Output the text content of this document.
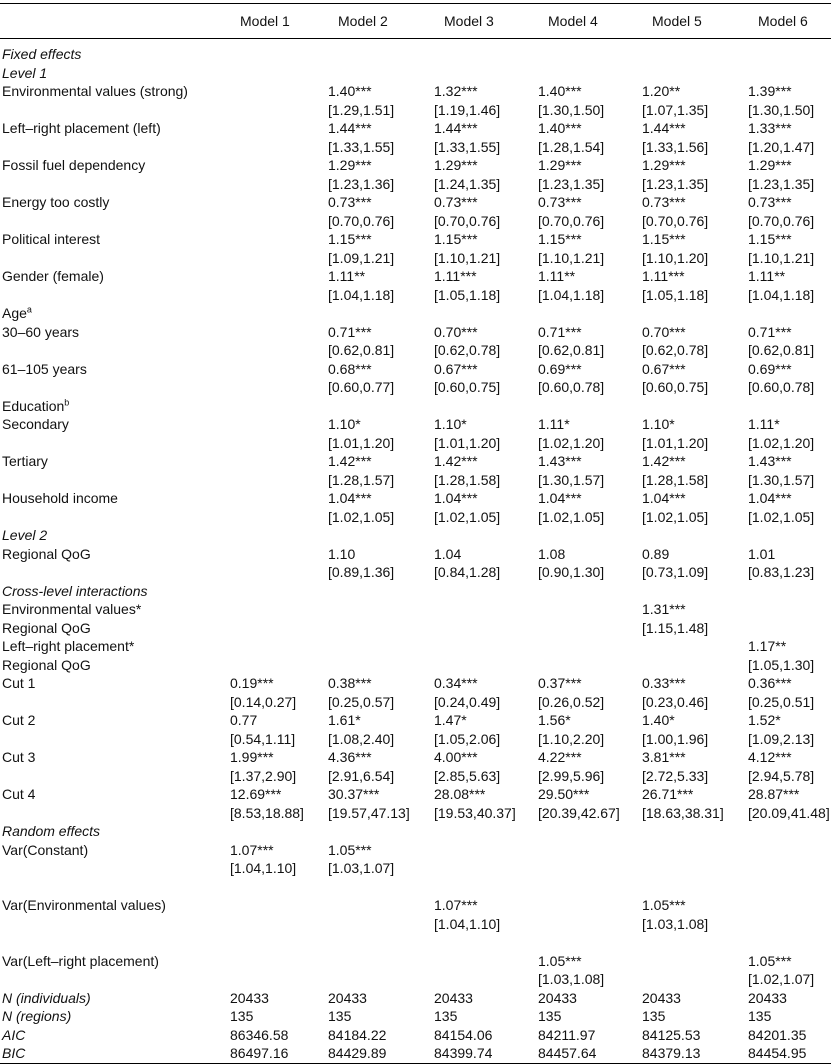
	Model 1	Model 2	Model 3	Model 4	Model 5	Model 6
Fixed effects						
Level 1						
Environmental values (strong)		1.40***	1.32***	1.40***	1.20**	1.39***
		[1.29,1.51]	[1.19,1.46]	[1.30,1.50]	[1.07,1.35]	[1.30,1.50]
Left–right placement (left)		1.44***	1.44***	1.40***	1.44***	1.33***
		[1.33,1.55]	[1.33,1.55]	[1.28,1.54]	[1.33,1.56]	[1.20,1.47]
Fossil fuel dependency		1.29***	1.29***	1.29***	1.29***	1.29***
		[1.23,1.36]	[1.24,1.35]	[1.23,1.35]	[1.23,1.35]	[1.23,1.35]
Energy too costly		0.73***	0.73***	0.73***	0.73***	0.73***
		[0.70,0.76]	[0.70,0.76]	[0.70,0.76]	[0.70,0.76]	[0.70,0.76]
Political interest		1.15***	1.15***	1.15***	1.15***	1.15***
		[1.09,1.21]	[1.10,1.21]	[1.10,1.21]	[1.10,1.20]	[1.10,1.21]
Gender (female)		1.11**	1.11***	1.11**	1.11***	1.11**
		[1.04,1.18]	[1.05,1.18]	[1.04,1.18]	[1.05,1.18]	[1.04,1.18]
Age$^a$						
30–60 years		0.71***	0.70***	0.71***	0.70***	0.71***
		[0.62,0.81]	[0.62,0.78]	[0.62,0.81]	[0.62,0.78]	[0.62,0.81]
61–105 years		0.68***	0.67***	0.69***	0.67***	0.69***
		[0.60,0.77]	[0.60,0.75]	[0.60,0.78]	[0.60,0.75]	[0.60,0.78]
Education$^b$						
Secondary		1.10*	1.10*	1.11*	1.10*	1.11*
		[1.01,1.20]	[1.01,1.20]	[1.02,1.20]	[1.01,1.20]	[1.02,1.20]
Tertiary		1.42***	1.42***	1.43***	1.42***	1.43***
		[1.28,1.57]	[1.28,1.58]	[1.30,1.57]	[1.28,1.58]	[1.30,1.57]
Household income		1.04***	1.04***	1.04***	1.04***	1.04***
		[1.02,1.05]	[1.02,1.05]	[1.02,1.05]	[1.02,1.05]	[1.02,1.05]
Level 2						
Regional QoG		1.10	1.04	1.08	0.89	1.01
		[0.89,1.36]	[0.84,1.28]	[0.90,1.30]	[0.73,1.09]	[0.83,1.23]
Cross-level interactions						
Environmental values*					1.31***	
Regional QoG					[1.15,1.48]	
Left–right placement*						1.17**
Regional QoG						[1.05,1.30]
Cut 1	0.19***	0.38***	0.34***	0.37***	0.33***	0.36***
	[0.14,0.27]	[0.25,0.57]	[0.24,0.49]	[0.26,0.52]	[0.23,0.46]	[0.25,0.51]
Cut 2	0.77	1.61*	1.47*	1.56*	1.40*	1.52*
	[0.54,1.11]	[1.08,2.40]	[1.05,2.06]	[1.10,2.20]	[1.00,1.96]	[1.09,2.13]
Cut 3	1.99***	4.36***	4.00***	4.22***	3.81***	4.12***
	[1.37,2.90]	[2.91,6.54]	[2.85,5.63]	[2.99,5.96]	[2.72,5.33]	[2.94,5.78]
Cut 4	12.69***	30.37***	28.08***	29.50***	26.71***	28.87***
	[8.53,18.88]	[19.57,47.13]	[19.53,40.37]	[20.39,42.67]	[18.63,38.31]	[20.09,41.48]
Random effects						
Var(Constant)	1.07***	1.05***				
	[1.04,1.10]	[1.03,1.07]				

Var(Environmental values)			1.07***		1.05***	
			[1.04,1.10]		[1.03,1.08]	

Var(Left–right placement)				1.05***		1.05***
				[1.03,1.08]		[1.02,1.07]
N (individuals)	20433	20433	20433	20433	20433	20433
N (regions)	135	135	135	135	135	135
AIC	86346.58	84184.22	84154.06	84211.97	84125.53	84201.35
BIC	86497.16	84429.89	84399.74	84457.64	84379.13	84454.95
